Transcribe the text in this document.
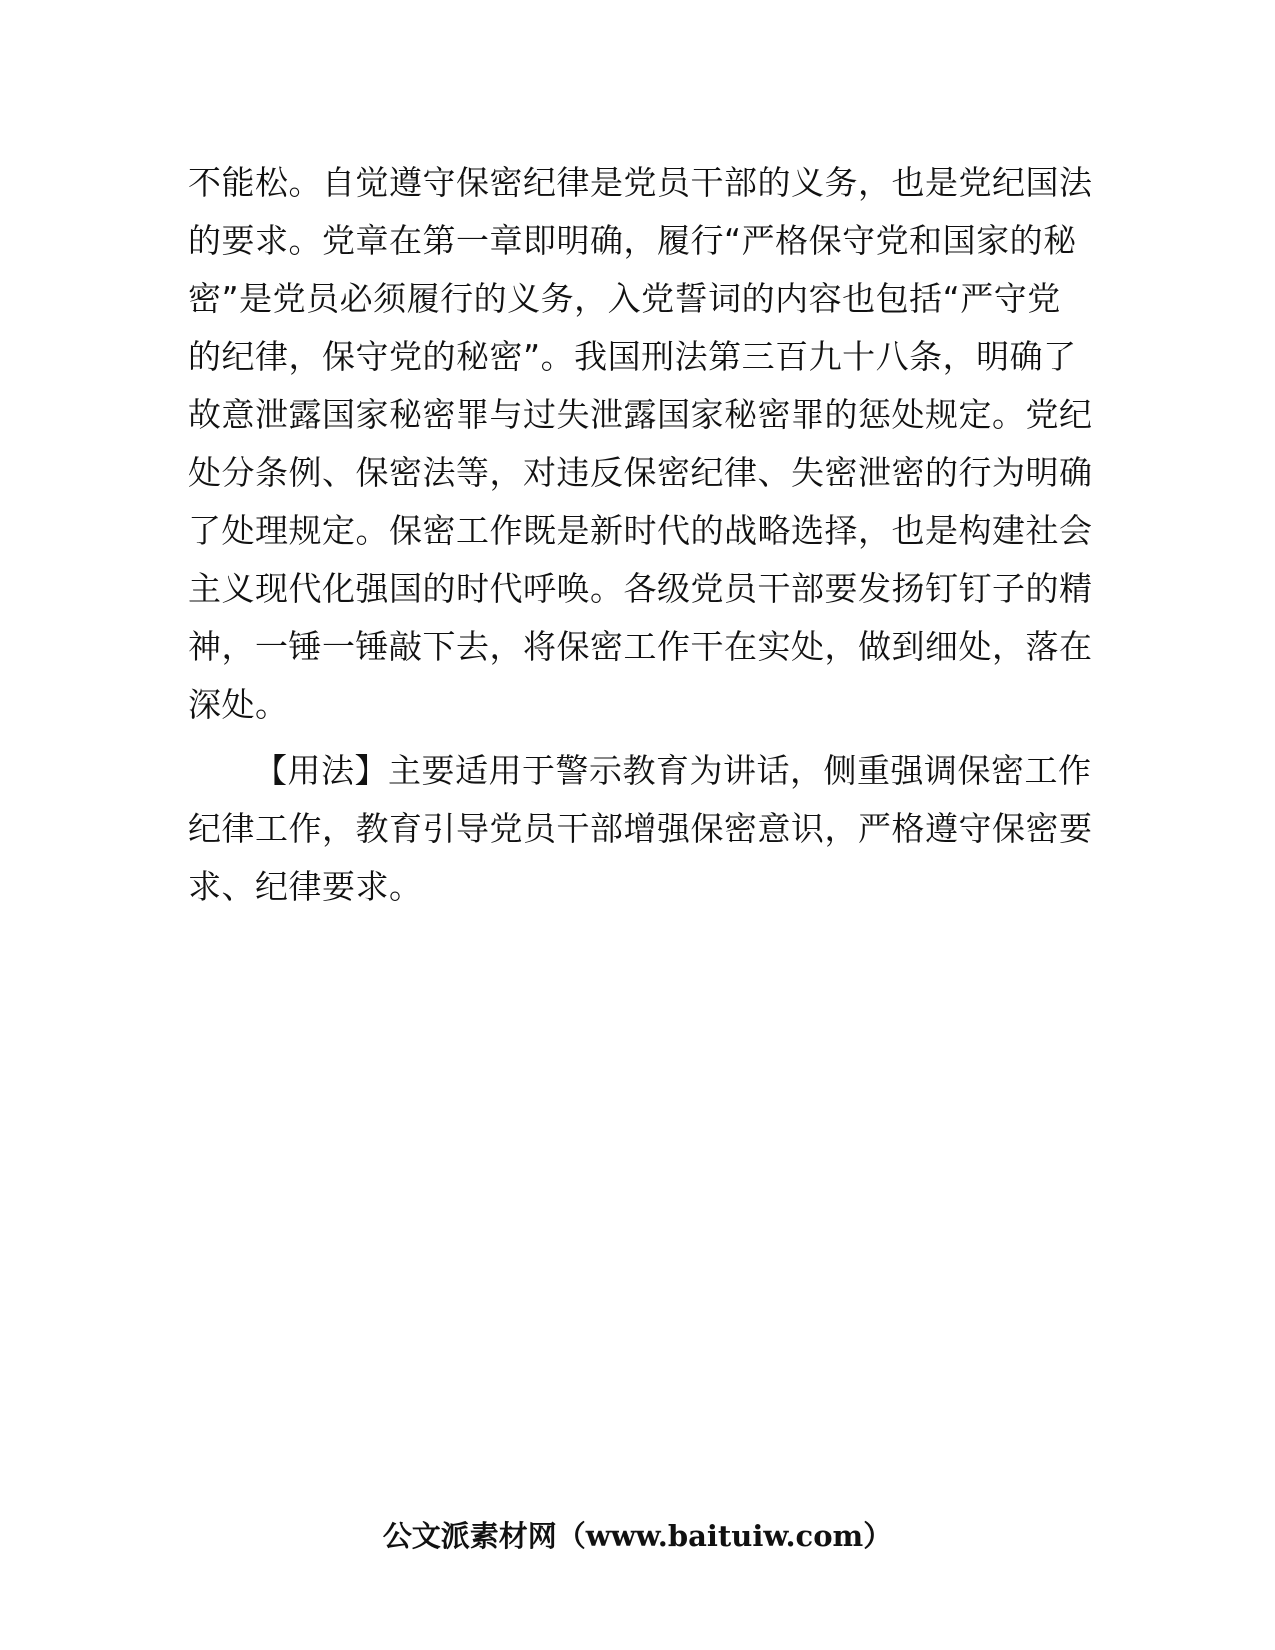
不能松。自觉遵守保密纪律是党员干部的义务，也是党纪国法
的要求。党章在第一章即明确，履行“严格保守党和国家的秘
密”是党员必须履行的义务，入党誓词的内容也包括“严守党
的纪律，保守党的秘密”。我国刑法第三百九十八条，明确了
故意泄露国家秘密罪与过失泄露国家秘密罪的惩处规定。党纪
处分条例、保密法等，对违反保密纪律、失密泄密的行为明确
了处理规定。保密工作既是新时代的战略选择，也是构建社会
主义现代化强国的时代呼唤。各级党员干部要发扬钉钉子的精
神，一锤一锤敲下去，将保密工作干在实处，做到细处，落在
深处。
【用法】主要适用于警示教育为讲话，侧重强调保密工作
纪律工作，教育引导党员干部增强保密意识，严格遵守保密要
求、纪律要求。
公文派素材网（www.baituiw.com）
